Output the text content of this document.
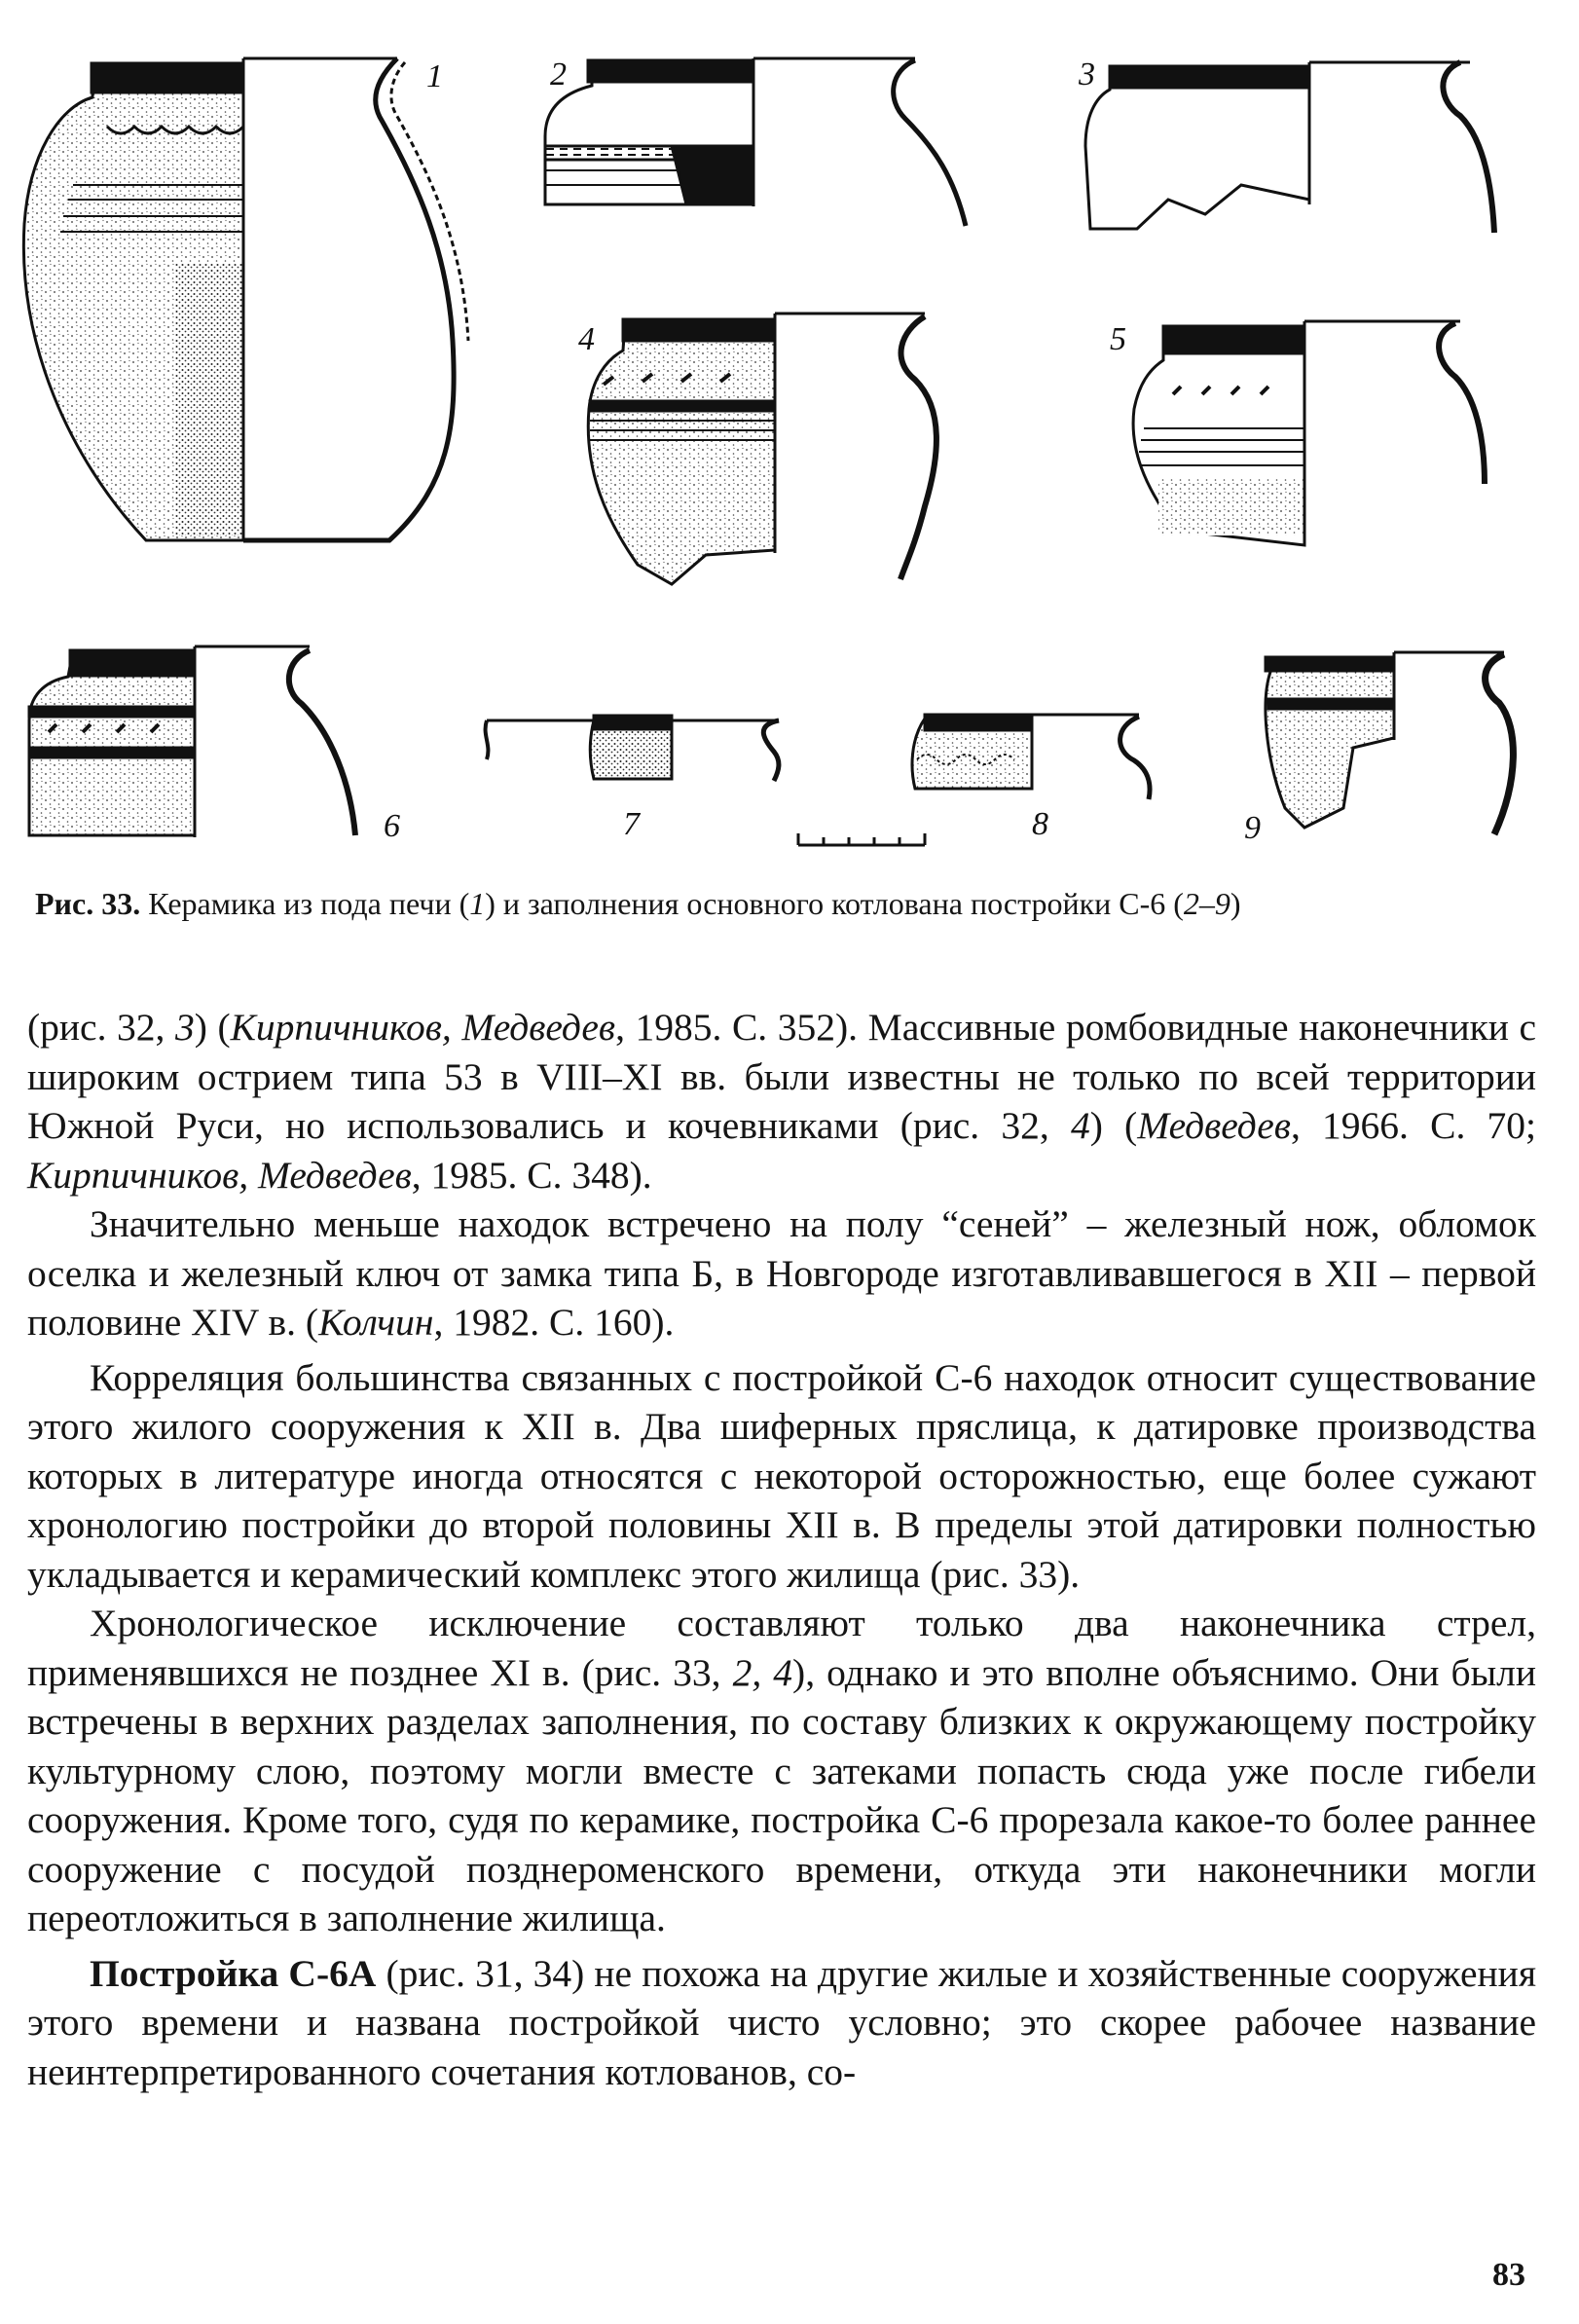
1	2	3
4	5
6	7	8	9
Рис. 33. Керамика из пода печи (1) и заполнения основного котлована постройки С-6 (2–9)

(рис. 32, 3) (Кирпичников, Медведев, 1985. С. 352). Массивные ромбовидные наконечники с широким острием типа 53 в VIII–XI вв. были известны не только по всей территории Южной Руси, но использовались и кочевниками (рис. 32, 4) (Медведев, 1966. С. 70; Кирпичников, Медведев, 1985. С. 348).

Значительно меньше находок встречено на полу “сеней” – железный нож, обломок оселка и железный ключ от замка типа Б, в Новгороде изготавливавшегося в XII – первой половине XIV в. (Колчин, 1982. С. 160).

Корреляция большинства связанных с постройкой С-6 находок относит существование этого жилого сооружения к XII в. Два шиферных пряслица, к датировке производства которых в литературе иногда относятся с некоторой осторожностью, еще более сужают хронологию постройки до второй половины XII в. В пределы этой датировки полностью укладывается и керамический комплекс этого жилища (рис. 33).

Хронологическое исключение составляют только два наконечника стрел, применявшихся не позднее XI в. (рис. 33, 2, 4), однако и это вполне объяснимо. Они были встречены в верхних разделах заполнения, по составу близких к окружающему постройку культурному слою, поэтому могли вместе с затеками попасть сюда уже после гибели сооружения. Кроме того, судя по керамике, постройка С-6 прорезала какое-то более раннее сооружение с посудой позднероменского времени, откуда эти наконечники могли переотложиться в заполнение жилища.

Постройка С-6А (рис. 31, 34) не похожа на другие жилые и хозяйственные сооружения этого времени и названа постройкой чисто условно; это скорее рабочее название неинтерпретированного сочетания котлованов, со-

83
